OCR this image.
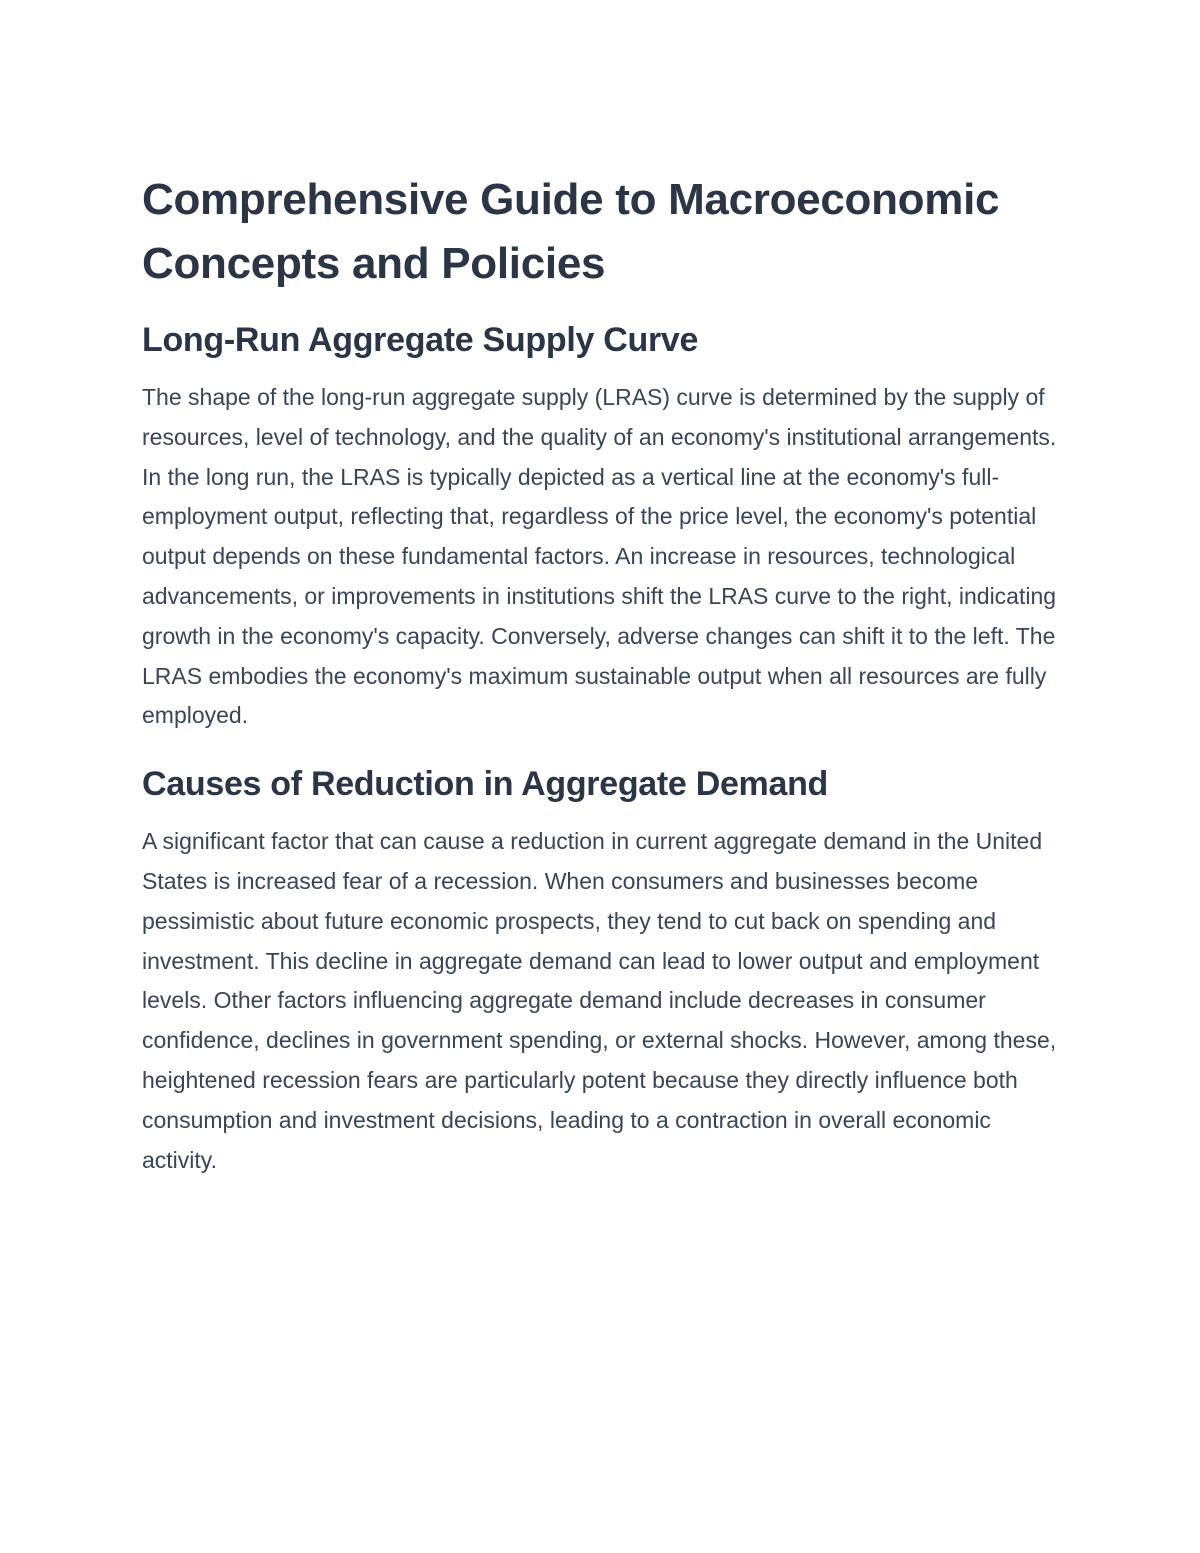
Comprehensive Guide to Macroeconomic Concepts and Policies
Long-Run Aggregate Supply Curve

The shape of the long-run aggregate supply (LRAS) curve is determined by the supply of resources, level of technology, and the quality of an economy's institutional arrangements. In the long run, the LRAS is typically depicted as a vertical line at the economy's full-employment output, reflecting that, regardless of the price level, the economy's potential output depends on these fundamental factors. An increase in resources, technological advancements, or improvements in institutions shift the LRAS curve to the right, indicating growth in the economy's capacity. Conversely, adverse changes can shift it to the left. The LRAS embodies the economy's maximum sustainable output when all resources are fully employed.

Causes of Reduction in Aggregate Demand

A significant factor that can cause a reduction in current aggregate demand in the United States is increased fear of a recession. When consumers and businesses become pessimistic about future economic prospects, they tend to cut back on spending and investment. This decline in aggregate demand can lead to lower output and employment levels. Other factors influencing aggregate demand include decreases in consumer confidence, declines in government spending, or external shocks. However, among these, heightened recession fears are particularly potent because they directly influence both consumption and investment decisions, leading to a contraction in overall economic activity.
